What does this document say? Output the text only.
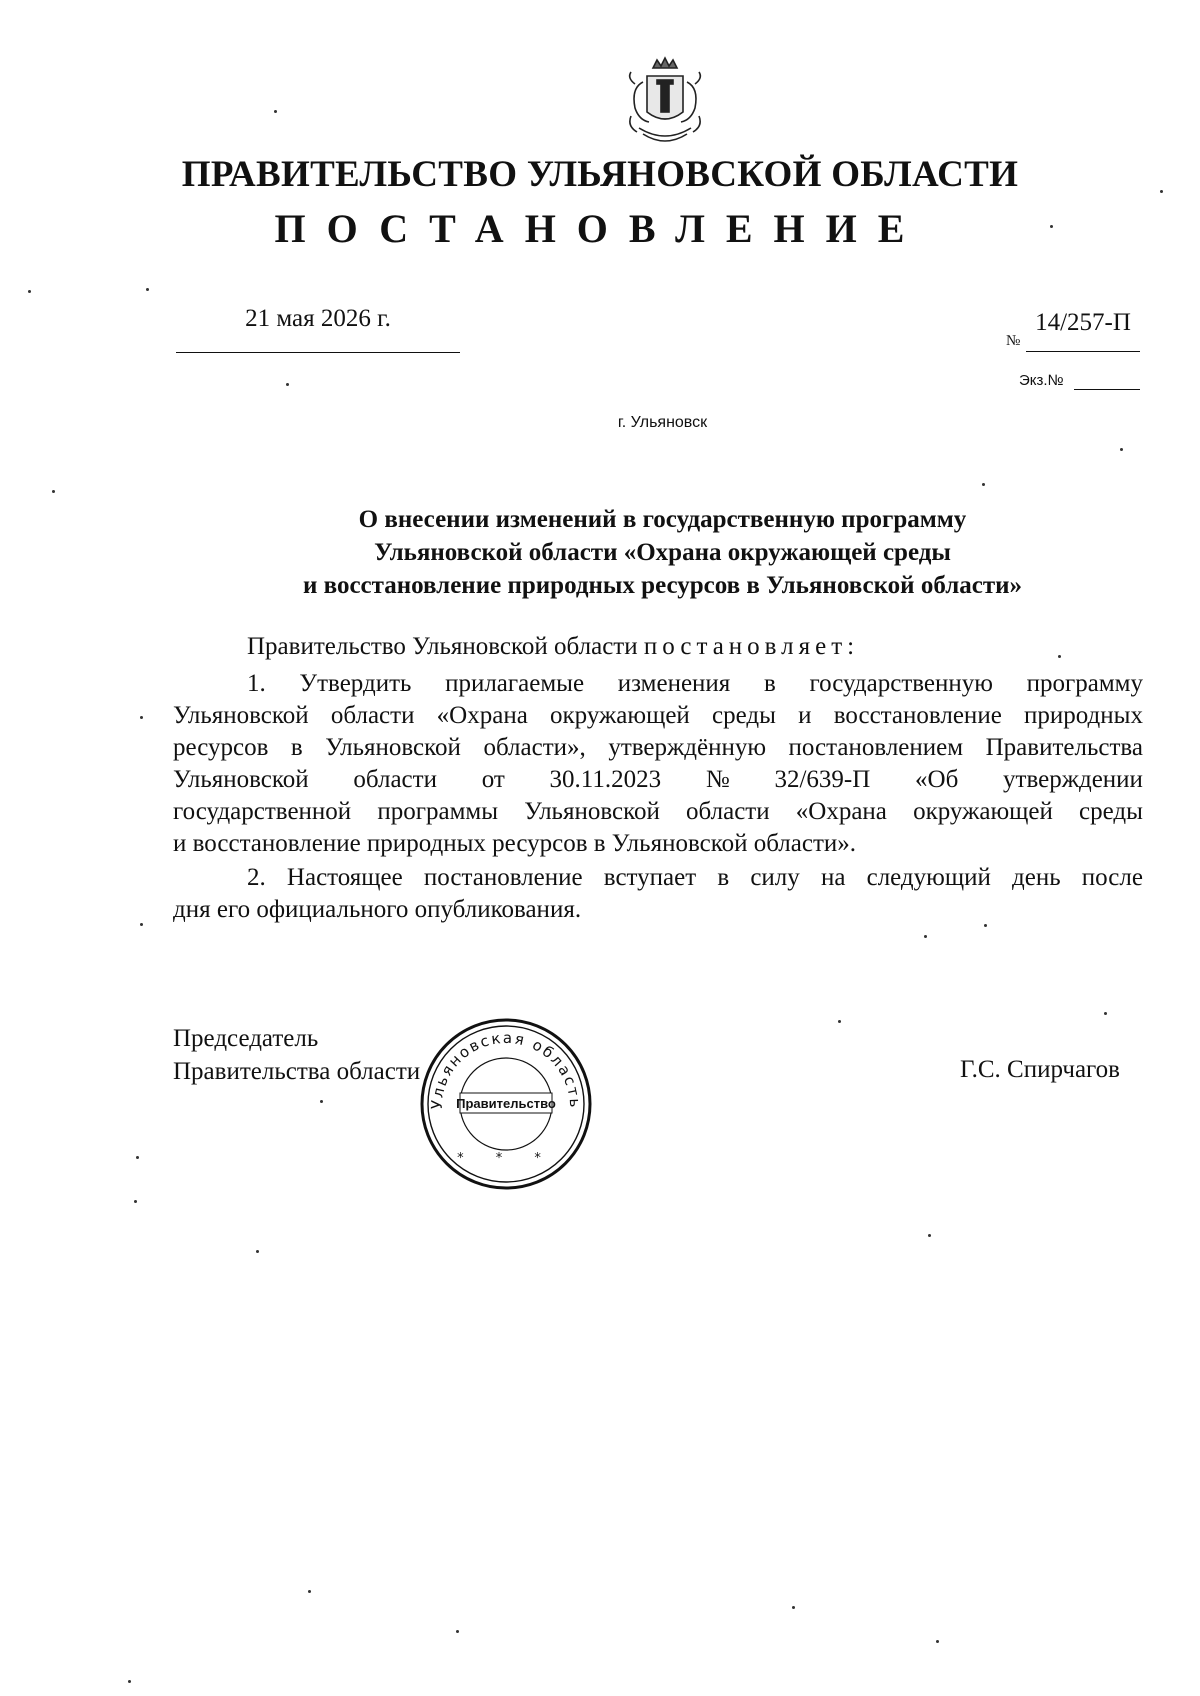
ПРАВИТЕЛЬСТВО УЛЬЯНОВСКОЙ ОБЛАСТИ
ПОСТАНОВЛЕНИЕ
21 мая 2026 г.
№
14/257-П
Экз.№
г. Ульяновск
О внесении изменений в государственную программу
Ульяновской области «Охрана окружающей среды
и восстановление природных ресурсов в Ульяновской области»
Правительство Ульяновской области постановляет:
1. Утвердить прилагаемые изменения в государственную программу
Ульяновской области «Охрана окружающей среды и восстановление природных
ресурсов в Ульяновской области», утверждённую постановлением Правительства
Ульяновской области от 30.11.2023 № 32/639-П «Об утверждении
государственной программы Ульяновской области «Охрана окружающей среды
и восстановление природных ресурсов в Ульяновской области».
2. Настоящее постановление вступает в силу на следующий день после
дня его официального опубликования.
Председатель
Правительства области	Г.С. Спирчагов
Ульяновская область
Правительство
* * *
